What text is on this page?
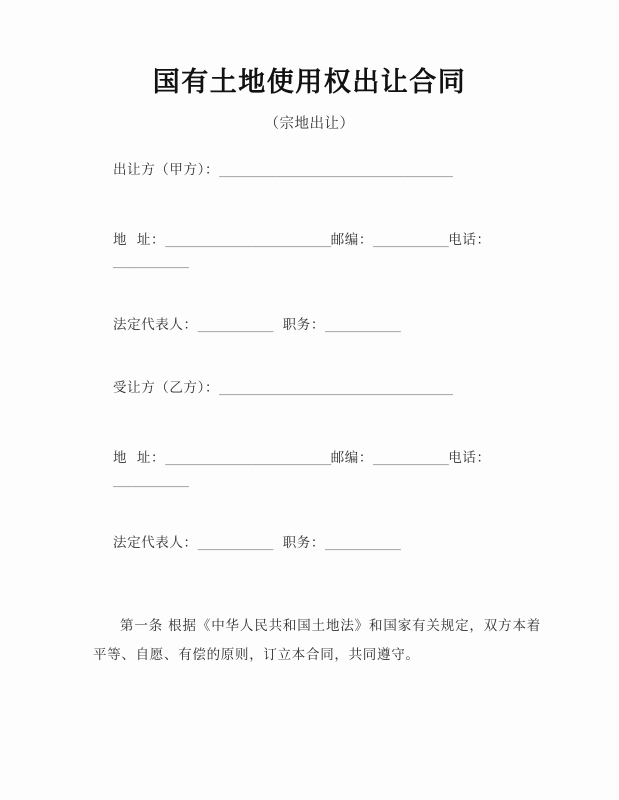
国有土地使用权出让合同
（宗地出让）
出让方（甲方）：_______________________________
地  址：______________________邮编：__________电话：__________
法定代表人：__________ 职务：__________
受让方（乙方）：_______________________________
地  址：______________________邮编：__________电话：__________
法定代表人：__________ 职务：__________

第一条 根据《中华人民共和国土地法》和国家有关规定，双方本着平等、自愿、有偿的原则，订立本合同，共同遵守。
